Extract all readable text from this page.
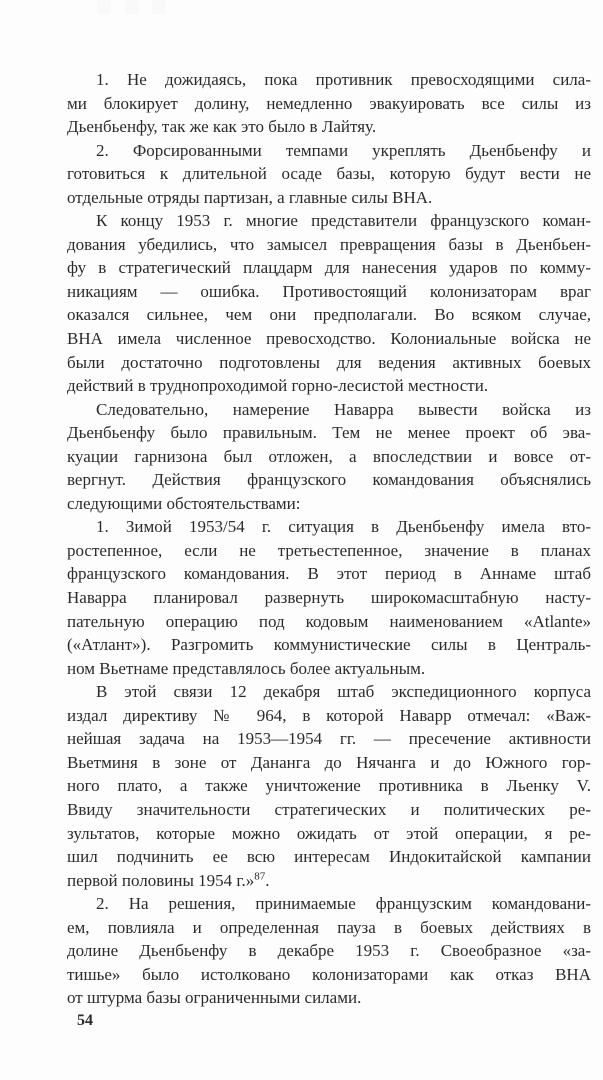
1. Не дожидаясь, пока противник превосходящими сила-

ми блокирует долину, немедленно эвакуировать все силы из

Дьенбьенфу, так же как это было в Лайтяу.

2. Форсированными темпами укреплять Дьенбьенфу и

готовиться к длительной осаде базы, которую будут вести не

отдельные отряды партизан, а главные силы ВНА.

К концу 1953 г. многие представители французского коман-

дования убедились, что замысел превращения базы в Дьенбьен-

фу в стратегический плацдарм для нанесения ударов по комму-

никациям — ошибка. Противостоящий колонизаторам враг

оказался сильнее, чем они предполагали. Во всяком случае,

ВНА имела численное превосходство. Колониальные войска не

были достаточно подготовлены для ведения активных боевых

действий в труднопроходимой горно-лесистой местности.

Следовательно, намерение Наварра вывести войска из

Дьенбьенфу было правильным. Тем не менее проект об эва-

куации гарнизона был отложен, а впоследствии и вовсе от-

вергнут. Действия французского командования объяснялись

следующими обстоятельствами:

1. Зимой 1953/54 г. ситуация в Дьенбьенфу имела вто-

ростепенное, если не третьестепенное, значение в планах

французского командования. В этот период в Аннаме штаб

Наварра планировал развернуть широкомасштабную насту-

пательную операцию под кодовым наименованием «Atlante»

(«Атлант»). Разгромить коммунистические силы в Централь-

ном Вьетнаме представлялось более актуальным.

В этой связи 12 декабря штаб экспедиционного корпуса

издал директиву № 964, в которой Наварр отмечал: «Важ-

нейшая задача на 1953—1954 гг. — пресечение активности

Вьетминя в зоне от Дананга до Нячанга и до Южного гор-

ного плато, а также уничтожение противника в Льенку V.

Ввиду значительности стратегических и политических ре-

зультатов, которые можно ожидать от этой операции, я ре-

шил подчинить ее всю интересам Индокитайской кампании

первой половины 1954 г.»$^{87}$.

2. На решения, принимаемые французским командовани-

ем, повлияла и определенная пауза в боевых действиях в

долине Дьенбьенфу в декабре 1953 г. Своеобразное «за-

тишье» было истолковано колонизаторами как отказ ВНА

от штурма базы ограниченными силами.

54
